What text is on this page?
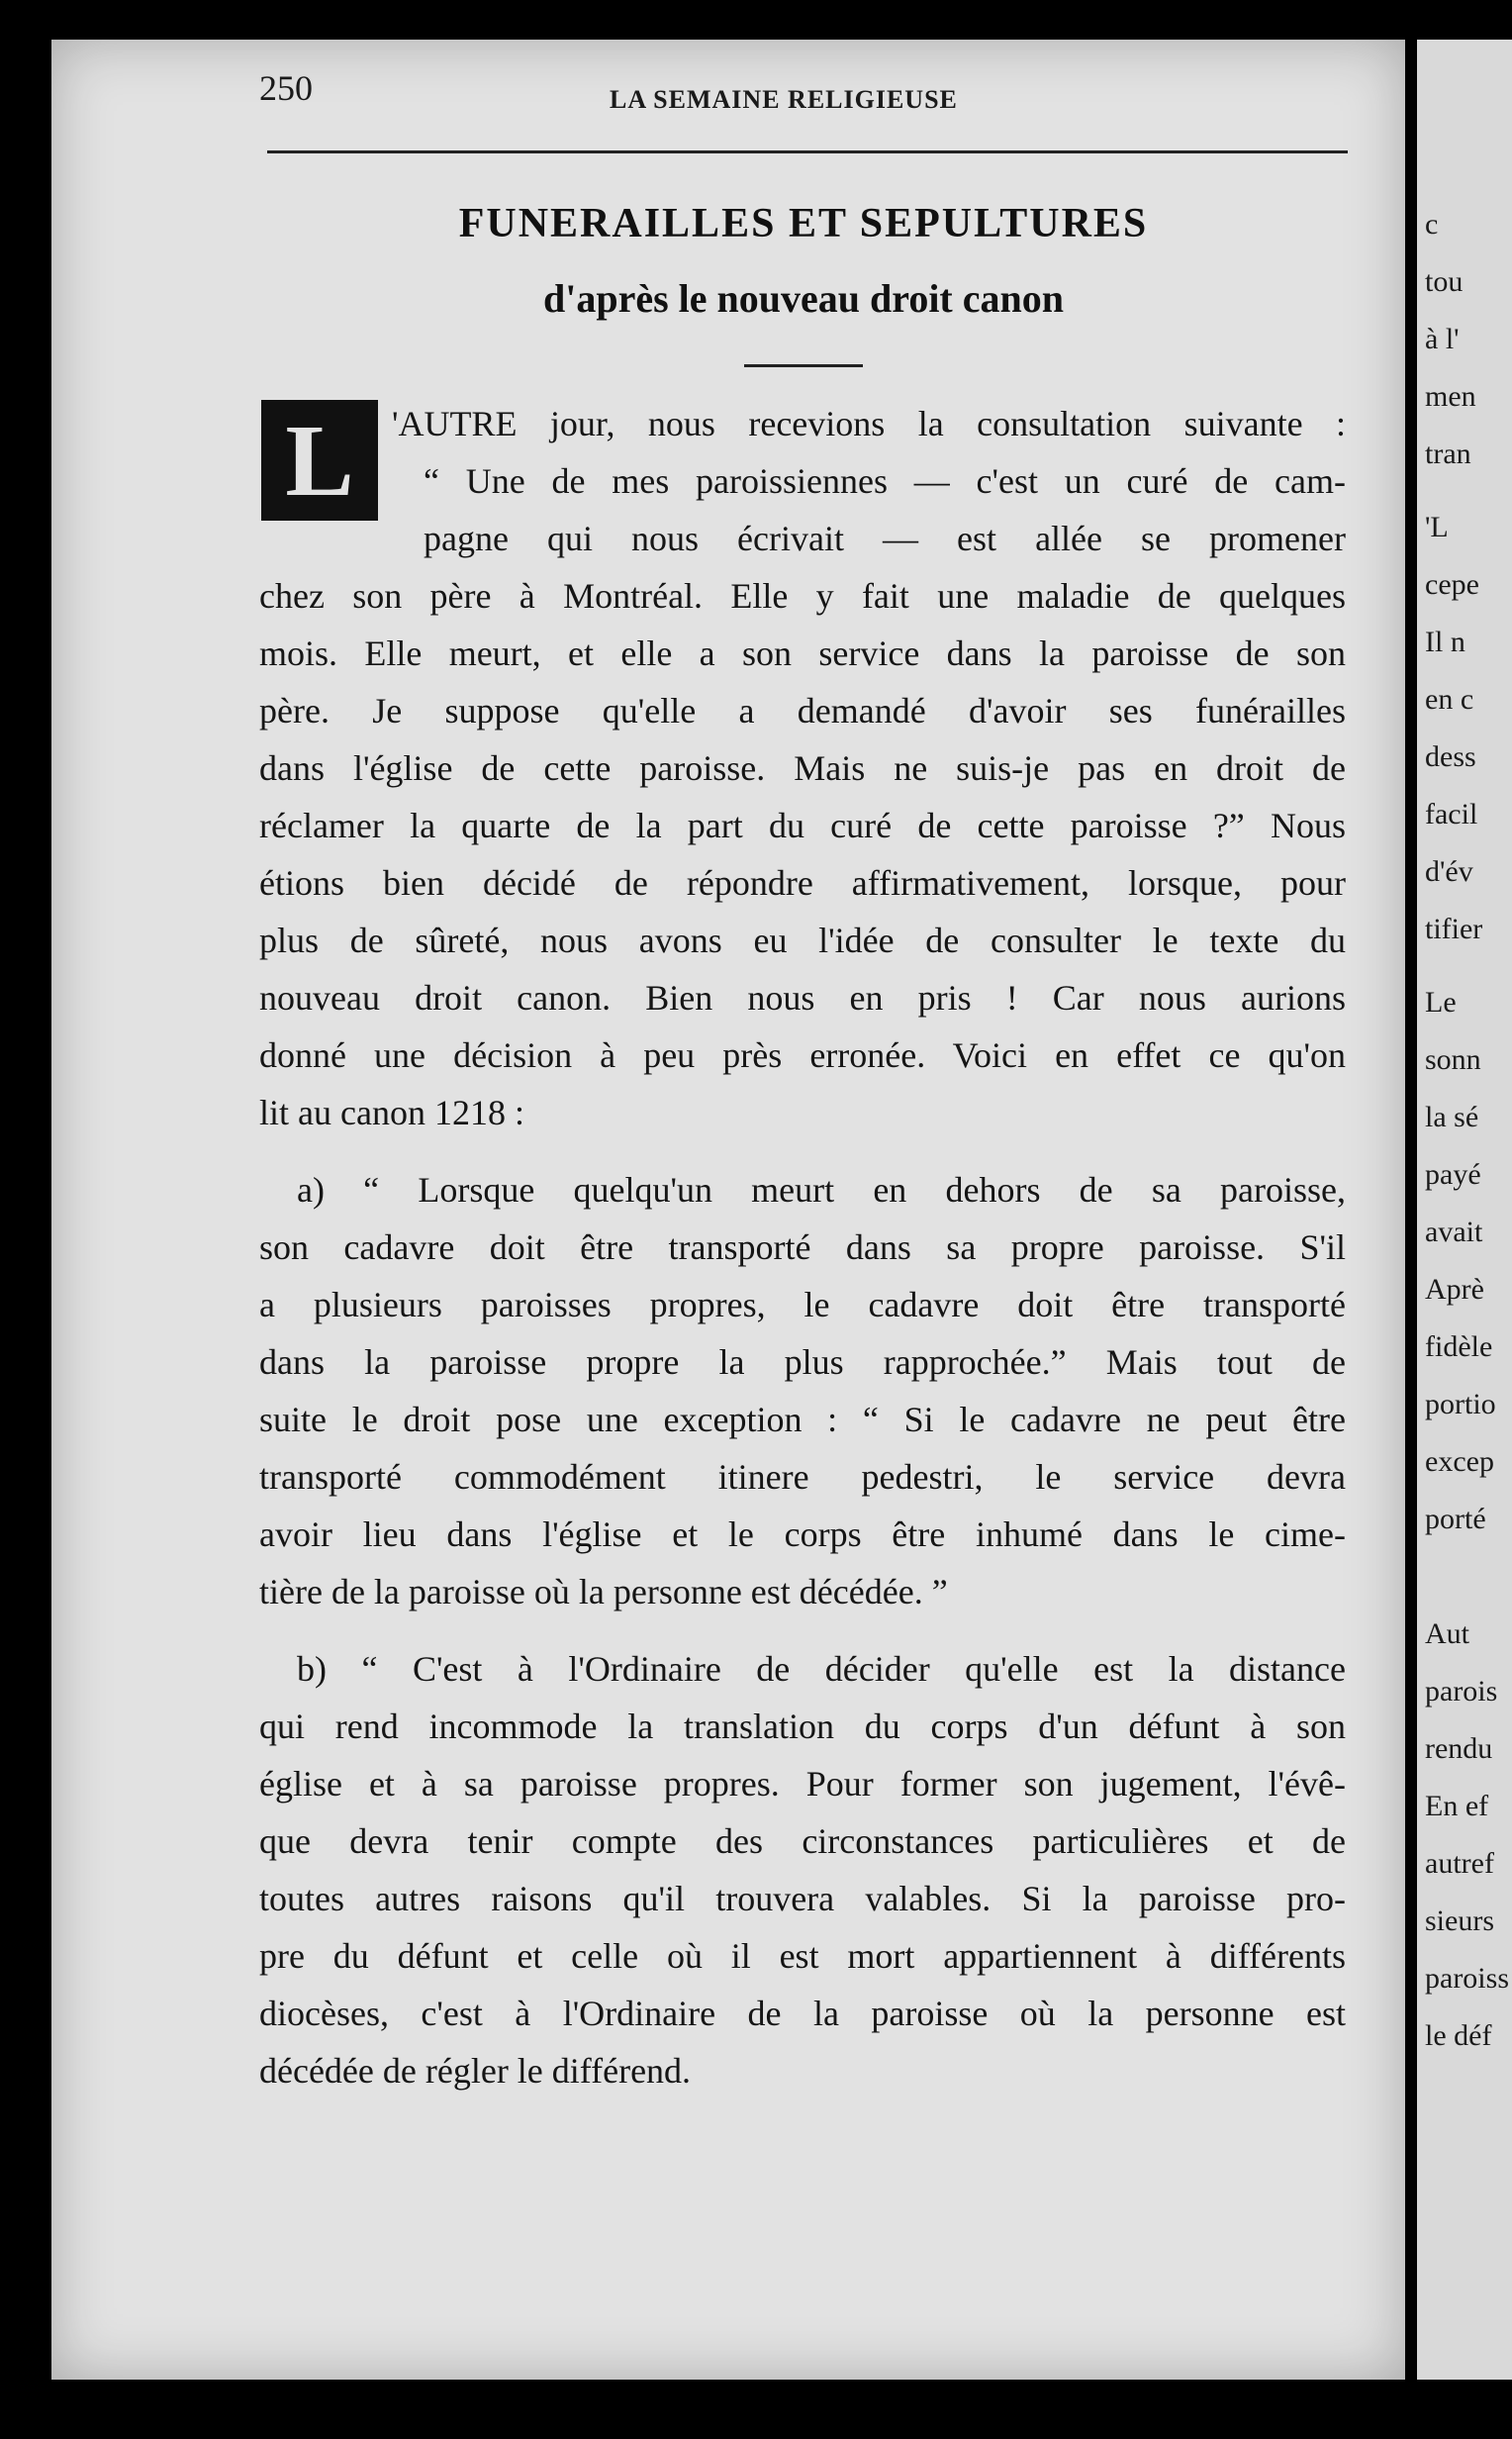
250	LA SEMAINE RELIGIEUSE
FUNERAILLES ET SEPULTURES
d'après le nouveau droit canon
L	'AUTRE jour, nous recevions la consultation suivante :
“ Une de mes paroissiennes — c'est un curé de cam-
pagne qui nous écrivait — est allée se promener
chez son père à Montréal. Elle y fait une maladie de quelques
mois. Elle meurt, et elle a son service dans la paroisse de son
père. Je suppose qu'elle a demandé d'avoir ses funérailles
dans l'église de cette paroisse. Mais ne suis-je pas en droit de
réclamer la quarte de la part du curé de cette paroisse ?” Nous
étions bien décidé de répondre affirmativement, lorsque, pour
plus de sûreté, nous avons eu l'idée de consulter le texte du
nouveau droit canon. Bien nous en pris ! Car nous aurions
donné une décision à peu près erronée. Voici en effet ce qu'on
lit au canon 1218 :
a) “ Lorsque quelqu'un meurt en dehors de sa paroisse,
son cadavre doit être transporté dans sa propre paroisse. S'il
a plusieurs paroisses propres, le cadavre doit être transporté
dans la paroisse propre la plus rapprochée.” Mais tout de
suite le droit pose une exception : “ Si le cadavre ne peut être
transporté commodément itinere pedestri, le service devra
avoir lieu dans l'église et le corps être inhumé dans le cime-
tière de la paroisse où la personne est décédée. ”
b) “ C'est à l'Ordinaire de décider qu'elle est la distance
qui rend incommode la translation du corps d'un défunt à son
église et à sa paroisse propres. Pour former son jugement, l'évê-
que devra tenir compte des circonstances particulières et de
toutes autres raisons qu'il trouvera valables. Si la paroisse pro-
pre du défunt et celle où il est mort appartiennent à différents
diocèses, c'est à l'Ordinaire de la paroisse où la personne est
décédée de régler le différend.
c
tou
à l'
men
tran
'L
cepe
Il n
en c
dess
facil
d'év
tifier
Le
sonn
la sé
payé
avait
Aprè
fidèle
portio
excep
porté
Aut
parois
rendu
En ef
autref
sieurs
paroiss
le déf
